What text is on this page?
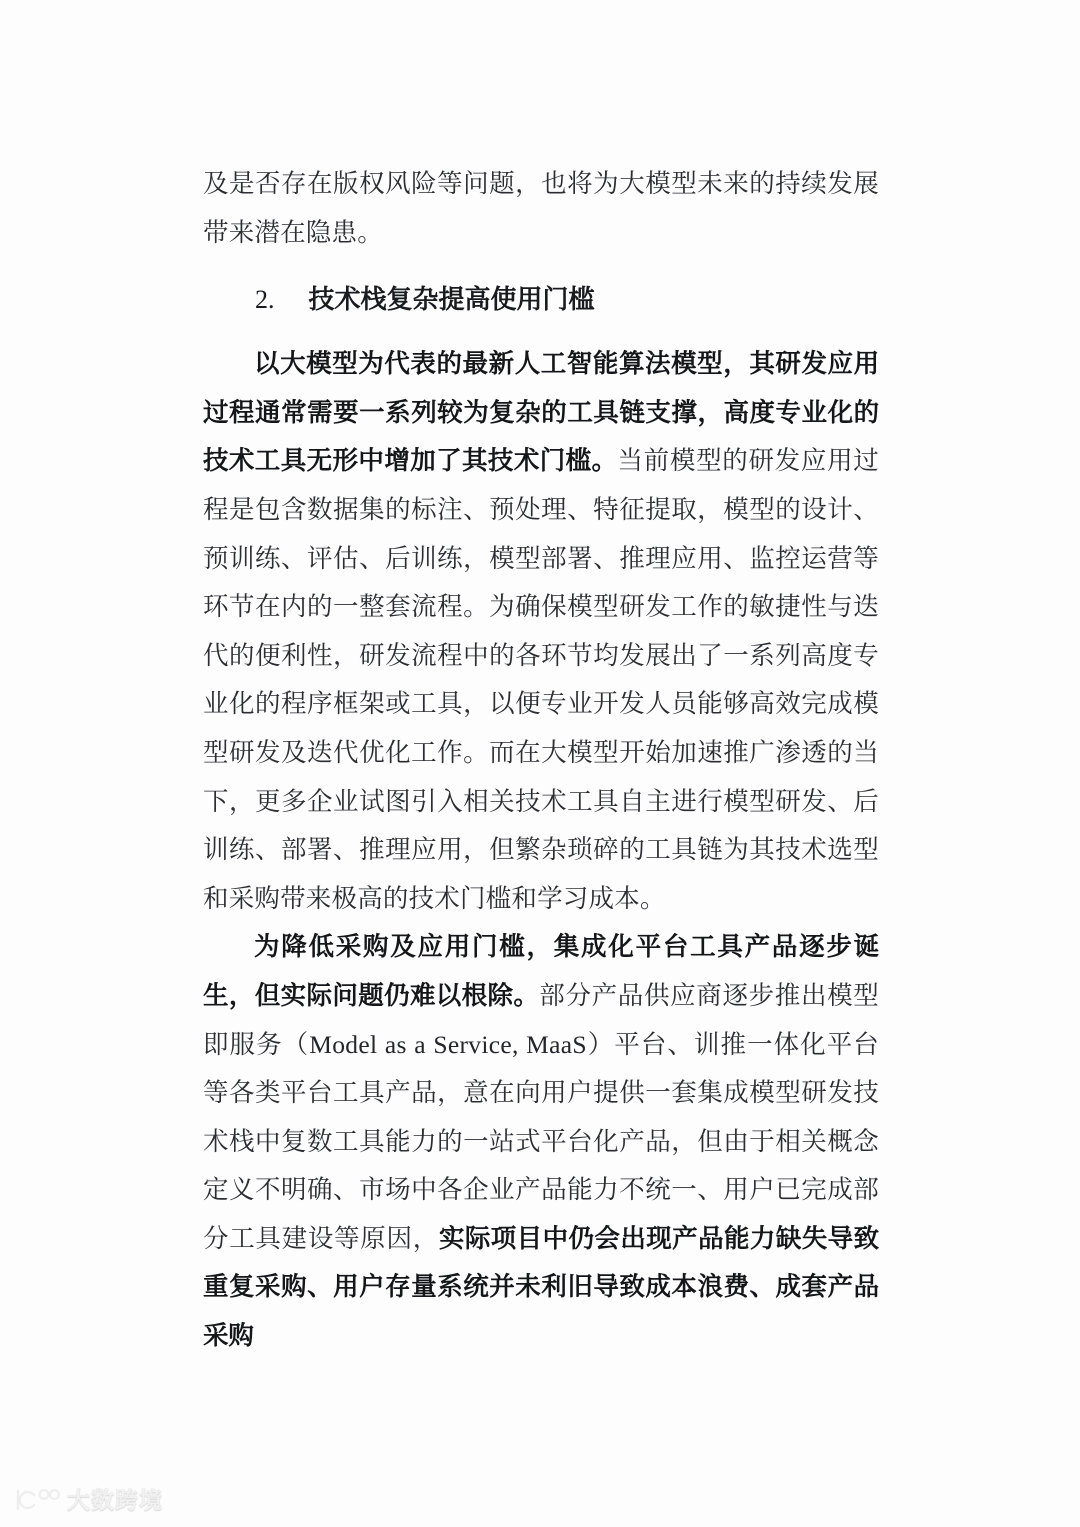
及是否存在版权风险等问题，也将为大模型未来的持续发展带来潜在隐患。

2. 技术栈复杂提高使用门槛

以大模型为代表的最新人工智能算法模型，其研发应用过程通常需要一系列较为复杂的工具链支撑，高度专业化的技术工具无形中增加了其技术门槛。当前模型的研发应用过程是包含数据集的标注、预处理、特征提取，模型的设计、预训练、评估、后训练，模型部署、推理应用、监控运营等环节在内的一整套流程。为确保模型研发工作的敏捷性与迭代的便利性，研发流程中的各环节均发展出了一系列高度专业化的程序框架或工具，以便专业开发人员能够高效完成模型研发及迭代优化工作。而在大模型开始加速推广渗透的当下，更多企业试图引入相关技术工具自主进行模型研发、后训练、部署、推理应用，但繁杂琐碎的工具链为其技术选型和采购带来极高的技术门槛和学习成本。

为降低采购及应用门槛，集成化平台工具产品逐步诞生，但实际问题仍难以根除。部分产品供应商逐步推出模型即服务（Model as a Service, MaaS）平台、训推一体化平台等各类平台工具产品，意在向用户提供一套集成模型研发技术栈中复数工具能力的一站式平台化产品，但由于相关概念定义不明确、市场中各企业产品能力不统一、用户已完成部分工具建设等原因，实际项目中仍会出现产品能力缺失导致重复采购、用户存量系统并未利旧导致成本浪费、成套产品采购

大数跨境
